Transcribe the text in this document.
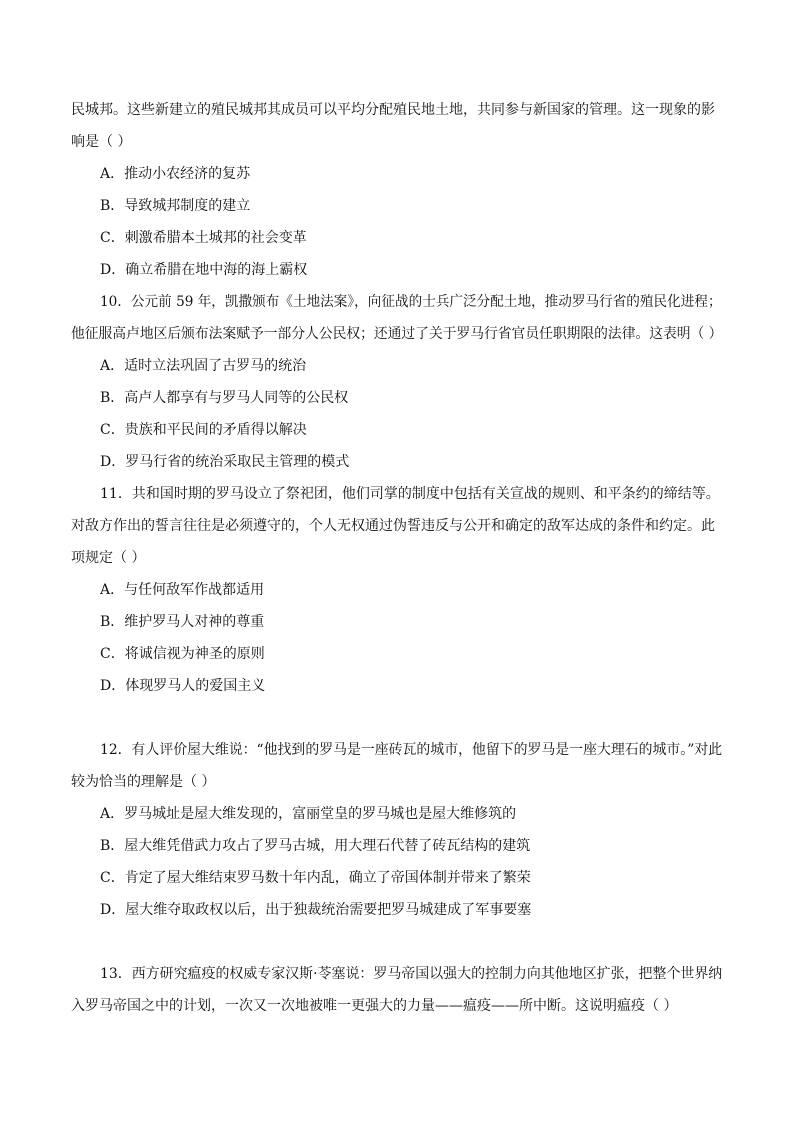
民城邦。这些新建立的殖民城邦其成员可以平均分配殖民地土地，共同参与新国家的管理。这一现象的影
响是（ ）
A．推动小农经济的复苏
B．导致城邦制度的建立
C．刺激希腊本土城邦的社会变革
D．确立希腊在地中海的海上霸权
10．公元前 59 年，凯撒颁布《土地法案》，向征战的士兵广泛分配土地，推动罗马行省的殖民化进程；
他征服高卢地区后颁布法案赋予一部分人公民权；还通过了关于罗马行省官员任职期限的法律。这表明（ ）
A．适时立法巩固了古罗马的统治
B．高卢人都享有与罗马人同等的公民权
C．贵族和平民间的矛盾得以解决
D．罗马行省的统治采取民主管理的模式
11．共和国时期的罗马设立了祭祀团，他们司掌的制度中包括有关宣战的规则、和平条约的缔结等。
对敌方作出的誓言往往是必须遵守的，个人无权通过伪誓违反与公开和确定的敌军达成的条件和约定。此
项规定（ ）
A．与任何敌军作战都适用
B．维护罗马人对神的尊重
C．将诚信视为神圣的原则
D．体现罗马人的爱国主义
12．有人评价屋大维说：“他找到的罗马是一座砖瓦的城市，他留下的罗马是一座大理石的城市。”对此
较为恰当的理解是（ ）
A．罗马城址是屋大维发现的，富丽堂皇的罗马城也是屋大维修筑的
B．屋大维凭借武力攻占了罗马古城，用大理石代替了砖瓦结构的建筑
C．肯定了屋大维结束罗马数十年内乱，确立了帝国体制并带来了繁荣
D．屋大维夺取政权以后，出于独裁统治需要把罗马城建成了军事要塞
13．西方研究瘟疫的权威专家汉斯·苓塞说：罗马帝国以强大的控制力向其他地区扩张，把整个世界纳
入罗马帝国之中的计划，一次又一次地被唯一更强大的力量——瘟疫——所中断。这说明瘟疫（ ）
